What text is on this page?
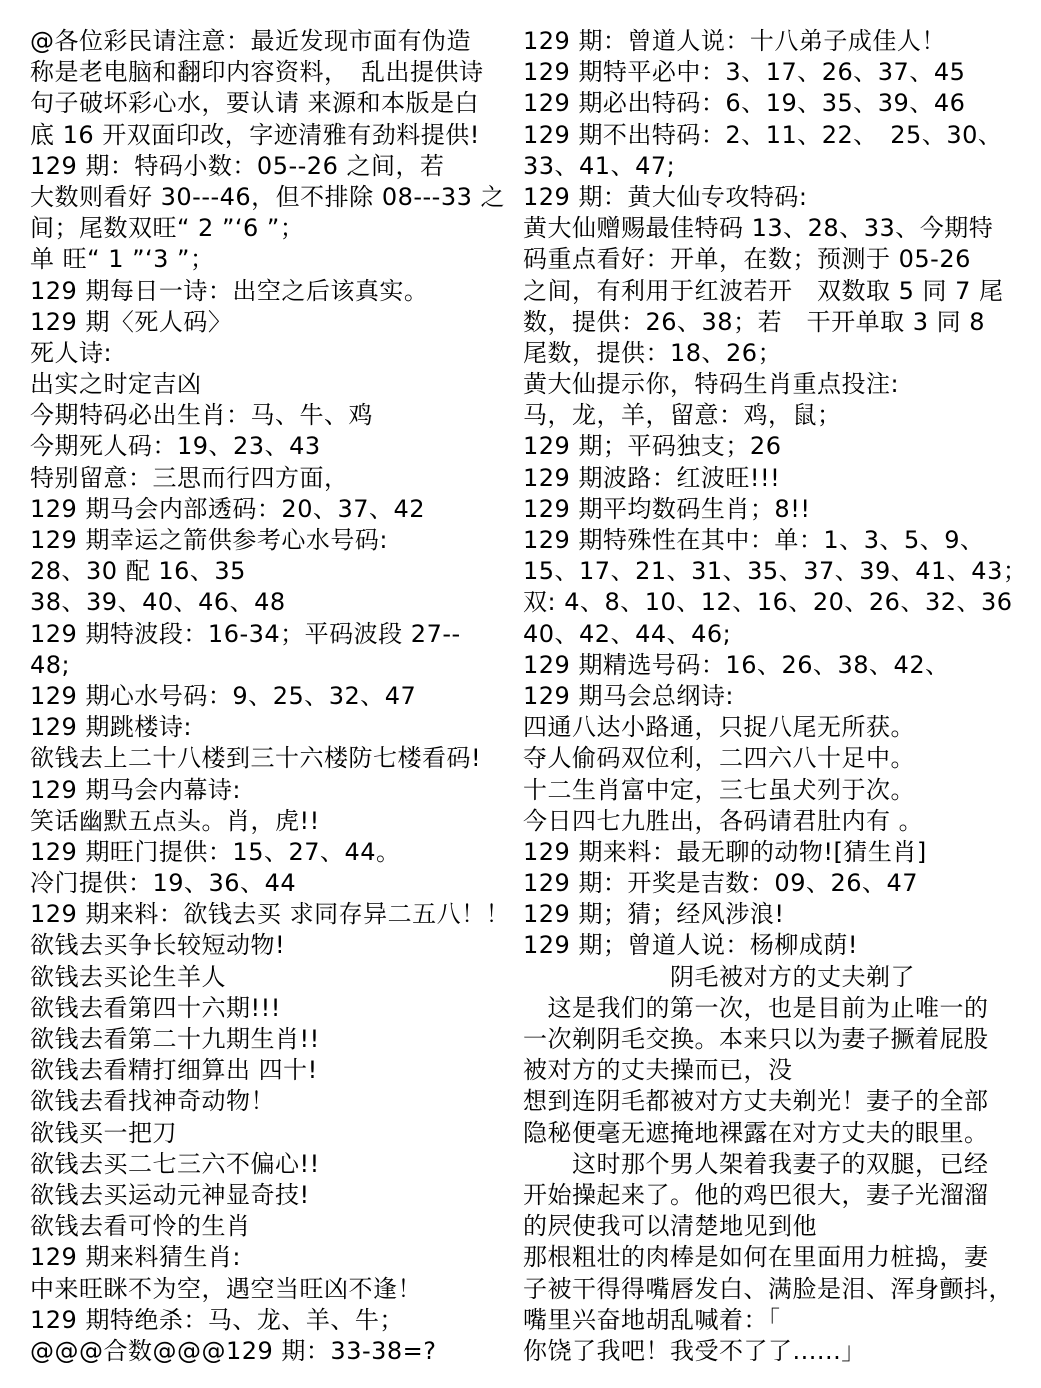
@各位彩民请注意：最近发现市面有伪造
称是老电脑和翻印内容资料，　乱出提供诗
句子破坏彩心水，要认请 来源和本版是白
底 16 开双面印改，字迹清雅有劲料提供!
129 期：特码小数：05--26 之间，若
大数则看好 30---46，但不排除 08---33 之
间；尾数双旺“ 2 ”‘6 ”；
单 旺“ 1 ”‘3 ”；
129 期每日一诗：出空之后该真实。
129 期〈死人码〉
死人诗:
出实之时定吉凶
今期特码必出生肖：马、牛、鸡
今期死人码：19、23、43
特别留意：三思而行四方面，
129 期马会内部透码：20、37、42
129 期幸运之箭供参考心水号码:
28、30 配 16、35
38、39、40、46、48
129 期特波段：16-34；平码波段 27--
48;
129 期心水号码：9、25、32、47
129 期跳楼诗:
欲钱去上二十八楼到三十六楼防七楼看码!
129 期马会内幕诗:
笑话幽默五点头。肖，虎!!
129 期旺门提供：15、27、44。
冷门提供：19、36、44
129 期来料：欲钱去买 求同存异二五八！！
欲钱去买争长较短动物!
欲钱去买论生羊人
欲钱去看第四十六期!!!
欲钱去看第二十九期生肖!!
欲钱去看精打细算出 四十!
欲钱去看找神奇动物！
欲钱买一把刀
欲钱去买二七三六不偏心!!
欲钱去买运动元神显奇技!
欲钱去看可怜的生肖
129 期来料猜生肖:
中来旺眯不为空，遇空当旺凶不逢！
129 期特绝杀：马、龙、羊、牛；
@@@合数@@@129 期：33-38=?
129 期：曾道人说：十八弟子成佳人！
129 期特平必中：3、17、26、37、45
129 期必出特码：6、19、35、39、46
129 期不出特码：2、11、22、　25、30、
33、41、47;
129 期：黄大仙专攻特码:
黄大仙赠赐最佳特码 13、28、33、今期特
码重点看好：开单，在数；预测于 05-26
之间，有利用于红波若开　双数取 5 同 7 尾
数，提供：26、38；若　干开单取 3 同 8
尾数，提供：18、26；
黄大仙提示你，特码生肖重点投注:
马，龙，羊，留意：鸡，鼠；
129 期；平码独支；26
129 期波路：红波旺!!!
129 期平均数码生肖；8!!
129 期特殊性在其中：单：1、3、5、9、
15、17、21、31、35、37、39、41、43；
双: 4、8、10、12、16、20、26、32、36
40、42、44、46;
129 期精选号码：16、26、38、42、
129 期马会总纲诗:
四通八达小路通，只捉八尾无所获。
夺人偷码双位利，二四六八十足中。
十二生肖富中定，三七虽犬列于次。
今日四七九胜出，各码请君肚内有 。
129 期来料：最无聊的动物![猜生肖]
129 期：开奖是吉数：09、26、47
129 期；猜；经风涉浪!
129 期；曾道人说：杨柳成荫!
　　　　　　阴毛被对方的丈夫剃了
　这是我们的第一次，也是目前为止唯一的
一次剃阴毛交换。本来只以为妻子撅着屁股
被对方的丈夫操而已，没
想到连阴毛都被对方丈夫剃光！妻子的全部
隐秘便毫无遮掩地裸露在对方丈夫的眼里。
　　这时那个男人架着我妻子的双腿，已经
开始操起来了。他的鸡巴很大，妻子光溜溜
的屄使我可以清楚地见到他
那根粗壮的肉棒是如何在里面用力桩捣，妻
子被干得得嘴唇发白、满脸是泪、浑身颤抖，
嘴里兴奋地胡乱喊着：「
你饶了我吧！我受不了了......」
